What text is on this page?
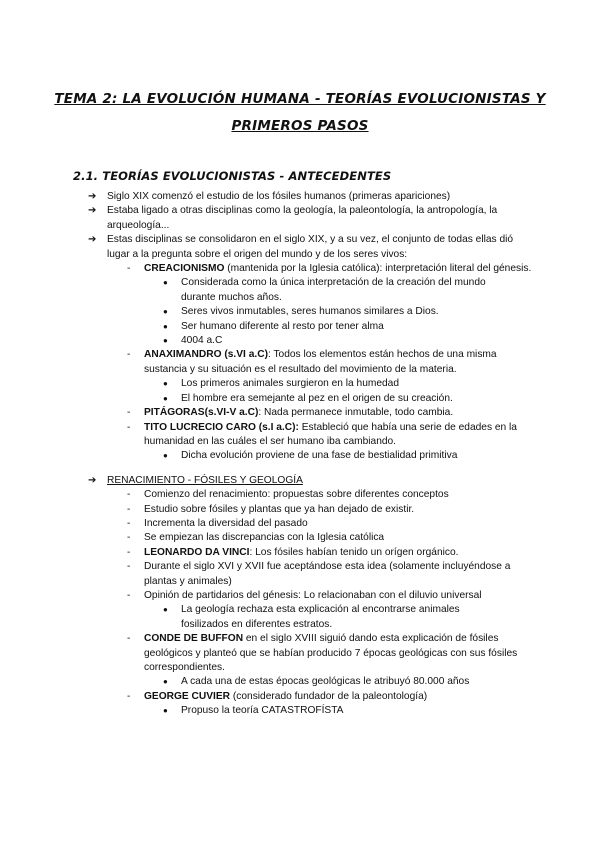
TEMA 2: LA EVOLUCIÓN HUMANA - TEORÍAS EVOLUCIONISTAS Y
PRIMEROS PASOS
2.1. TEORÍAS EVOLUCIONISTAS - ANTECEDENTES
➔ Siglo XIX comenzó el estudio de los fósiles humanos (primeras apariciones)
➔ Estaba ligado a otras disciplinas como la geología, la paleontología, la antropología, la arqueología...
➔ Estas disciplinas se consolidaron en el siglo XIX, y a su vez, el conjunto de todas ellas dió lugar a la pregunta sobre el origen del mundo y de los seres vivos:
- CREACIONISMO (mantenida por la Iglesia católica): interpretación literal del génesis.
● Considerada como la única interpretación de la creación del mundo durante muchos años.
● Seres vivos inmutables, seres humanos similares a Dios.
● Ser humano diferente al resto por tener alma
● 4004 a.C
- ANAXIMANDRO (s.VI a.C): Todos los elementos están hechos de una misma sustancia y su situación es el resultado del movimiento de la materia.
● Los primeros animales surgieron en la humedad
● El hombre era semejante al pez en el origen de su creación.
- PITÁGORAS(s.VI-V a.C): Nada permanece inmutable, todo cambia.
- TITO LUCRECIO CARO (s.I a.C): Estableció que había una serie de edades en la humanidad en las cuáles el ser humano iba cambiando.
● Dicha evolución proviene de una fase de bestialidad primitiva
➔ RENACIMIENTO - FÓSILES Y GEOLOGÍA
- Comienzo del renacimiento: propuestas sobre diferentes conceptos
- Estudio sobre fósiles y plantas que ya han dejado de existir.
- Incrementa la diversidad del pasado
- Se empiezan las discrepancias con la Iglesia católica
- LEONARDO DA VINCI: Los fósiles habían tenido un orígen orgánico.
- Durante el siglo XVI y XVII fue aceptándose esta idea (solamente incluyéndose a plantas y animales)
- Opinión de partidarios del génesis: Lo relacionaban con el diluvio universal
● La geología rechaza esta explicación al encontrarse animales fosilizados en diferentes estratos.
- CONDE DE BUFFON en el siglo XVIII siguió dando esta explicación de fósiles geológicos y planteó que se habían producido 7 épocas geológicas con sus fósiles correspondientes.
● A cada una de estas épocas geológicas le atribuyó 80.000 años
- GEORGE CUVIER (considerado fundador de la paleontología)
● Propuso la teoría CATASTROFÍSTA
